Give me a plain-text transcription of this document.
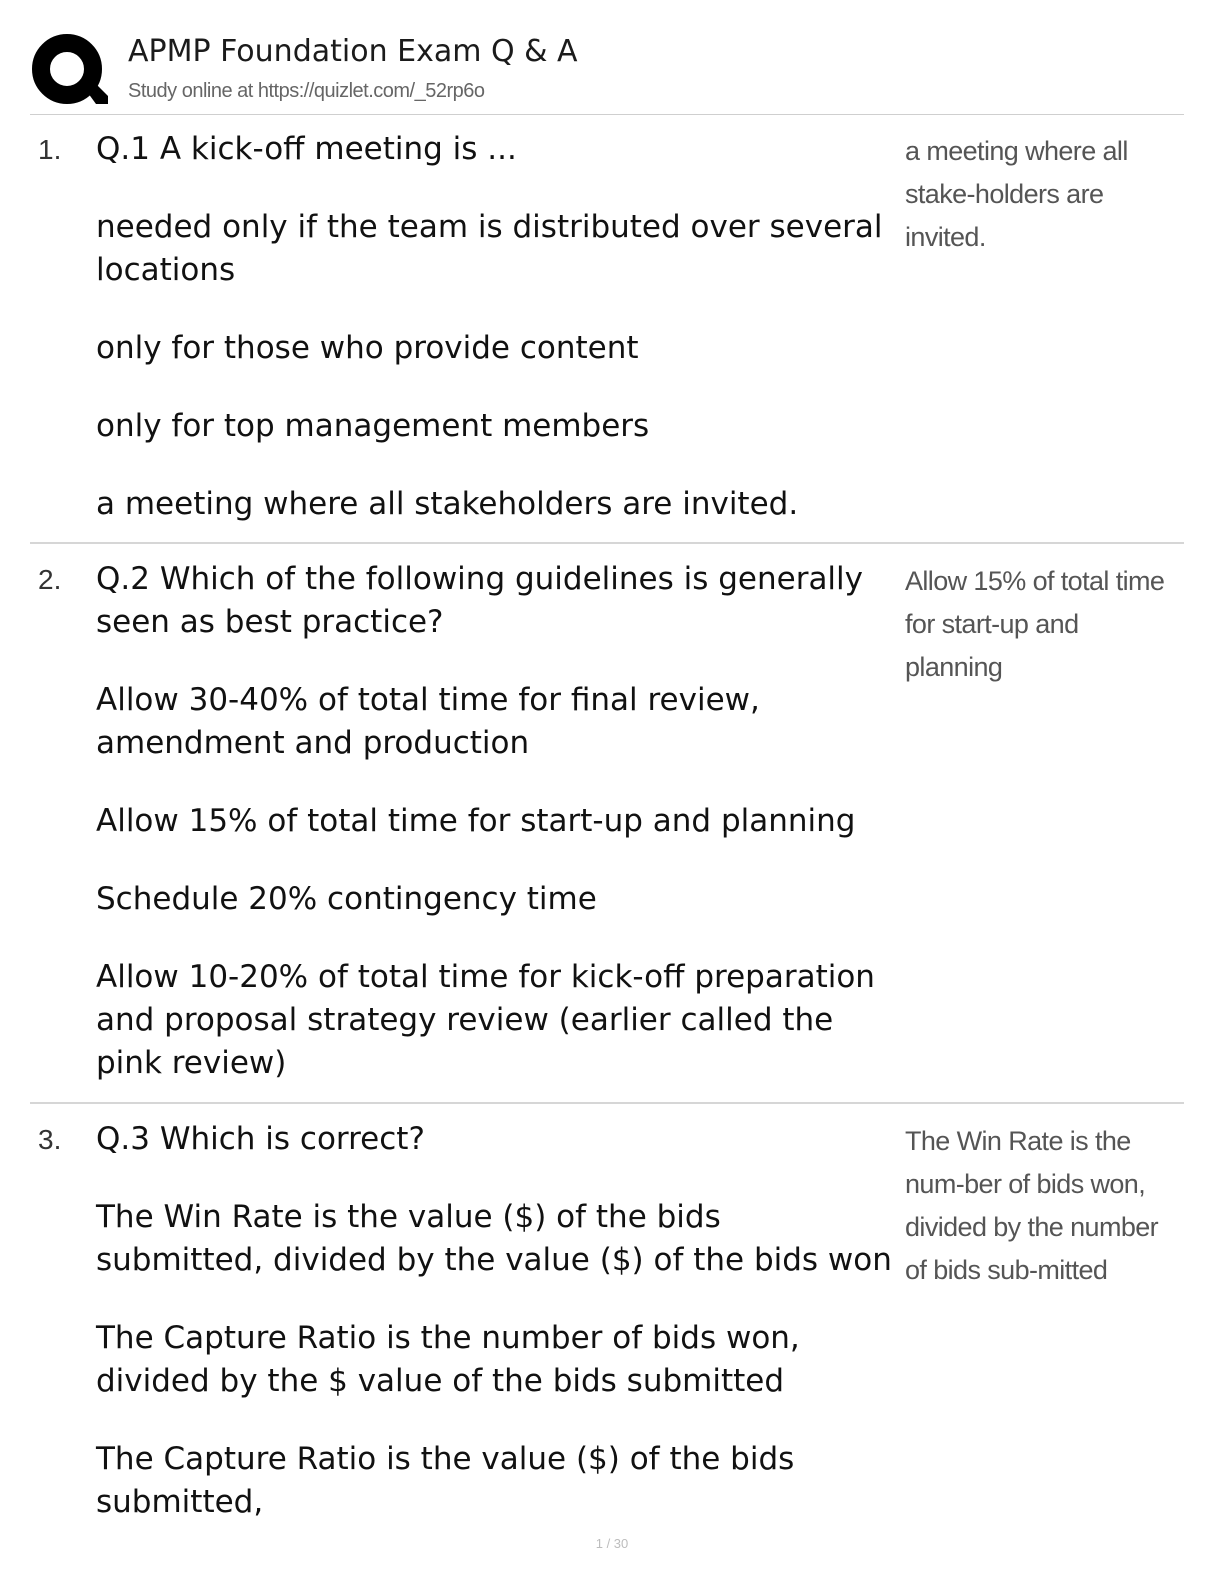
APMP Foundation Exam Q & A
Study online at https://quizlet.com/_52rp6o
1. Q.1 A kick-off meeting is ...
needed only if the team is distributed over several locations
only for those who provide content
only for top management members
a meeting where all stakeholders are invited.
a meeting where all stake-holders are invited.
2. Q.2 Which of the following guidelines is generally seen as best practice?
Allow 30-40% of total time for final review, amendment and production
Allow 15% of total time for start-up and planning
Schedule 20% contingency time
Allow 10-20% of total time for kick-off preparation and proposal strategy review (earlier called the pink review)
Allow 15% of total time for start-up and planning
3. Q.3 Which is correct?
The Win Rate is the value ($) of the bids submitted, divided by the value ($) of the bids won
The Capture Ratio is the number of bids won, divided by the $ value of the bids submitted
The Capture Ratio is the value ($) of the bids submitted,
The Win Rate is the num-ber of bids won, divided by the number of bids sub-mitted
1 / 30
